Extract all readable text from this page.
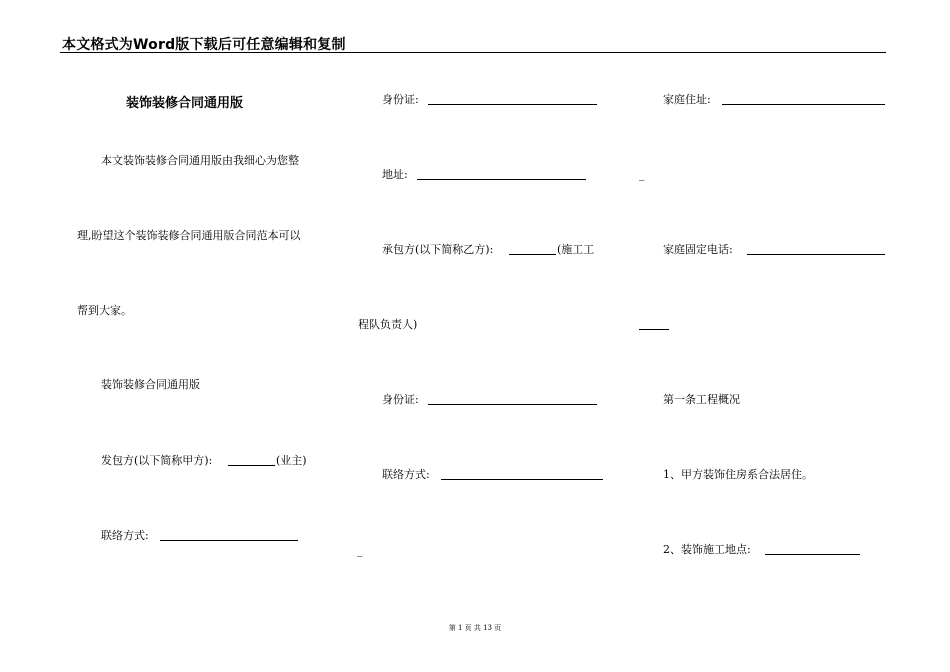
本文格式为Word版下载后可任意编辑和复制
装饰装修合同通用版
本文装饰装修合同通用版由我细心为您整
理,盼望这个装饰装修合同通用版合同范本可以
帮到大家。
装饰装修合同通用版
发包方(以下简称甲方):	(业主)
联络方式:
身份证:
地址:
承包方(以下简称乙方):	(施工工
程队负责人)
身份证:
联络方式:
_
家庭住址:
_
家庭固定电话:
第一条工程概况
1、甲方装饰住房系合法居住。
2、装饰施工地点:
第 1 页 共 13 页
